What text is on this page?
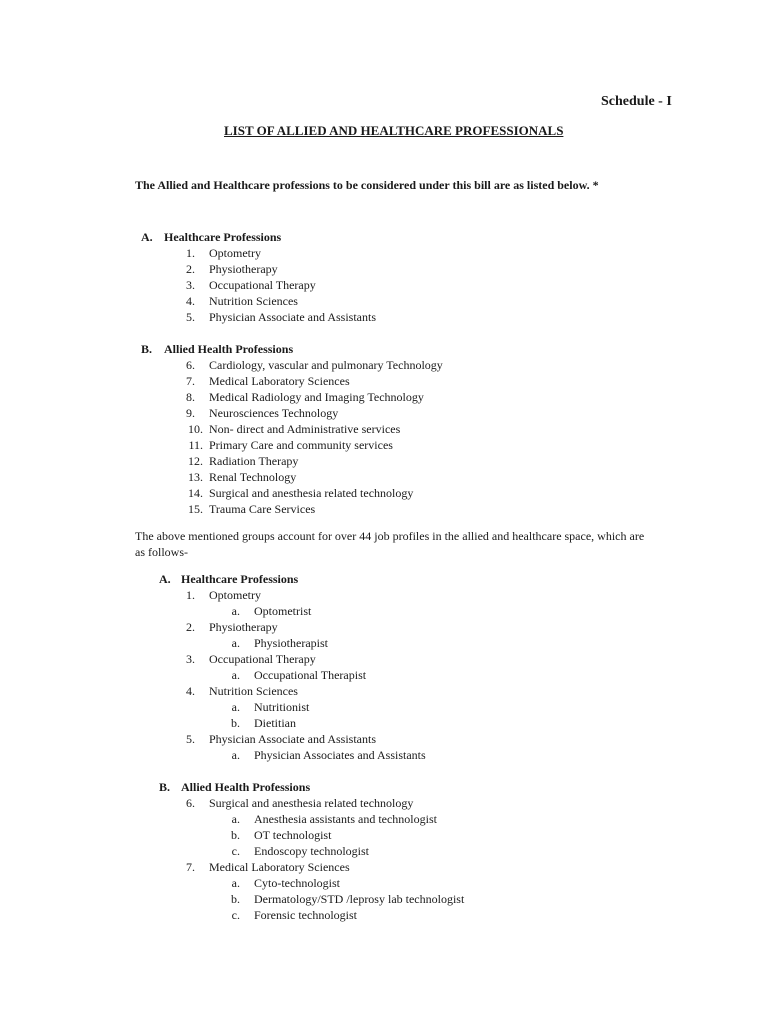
Schedule - I
LIST OF ALLIED AND HEALTHCARE PROFESSIONALS
The Allied and Healthcare professions to be considered under this bill are as listed below. *
A. Healthcare Professions
1. Optometry
2. Physiotherapy
3. Occupational Therapy
4. Nutrition Sciences
5. Physician Associate and Assistants
B. Allied Health Professions
6. Cardiology, vascular and pulmonary Technology
7. Medical Laboratory Sciences
8. Medical Radiology and Imaging Technology
9. Neurosciences Technology
10. Non- direct and Administrative services
11. Primary Care and community services
12. Radiation Therapy
13. Renal Technology
14. Surgical and anesthesia related technology
15. Trauma Care Services
The above mentioned groups account for over 44 job profiles in the allied and healthcare space, which are
as follows-
A. Healthcare Professions
1. Optometry
a. Optometrist
2. Physiotherapy
a. Physiotherapist
3. Occupational Therapy
a. Occupational Therapist
4. Nutrition Sciences
a. Nutritionist
b. Dietitian
5. Physician Associate and Assistants
a. Physician Associates and Assistants
B. Allied Health Professions
6. Surgical and anesthesia related technology
a. Anesthesia assistants and technologist
b. OT technologist
c. Endoscopy technologist
7. Medical Laboratory Sciences
a. Cyto-technologist
b. Dermatology/STD /leprosy lab technologist
c. Forensic technologist
